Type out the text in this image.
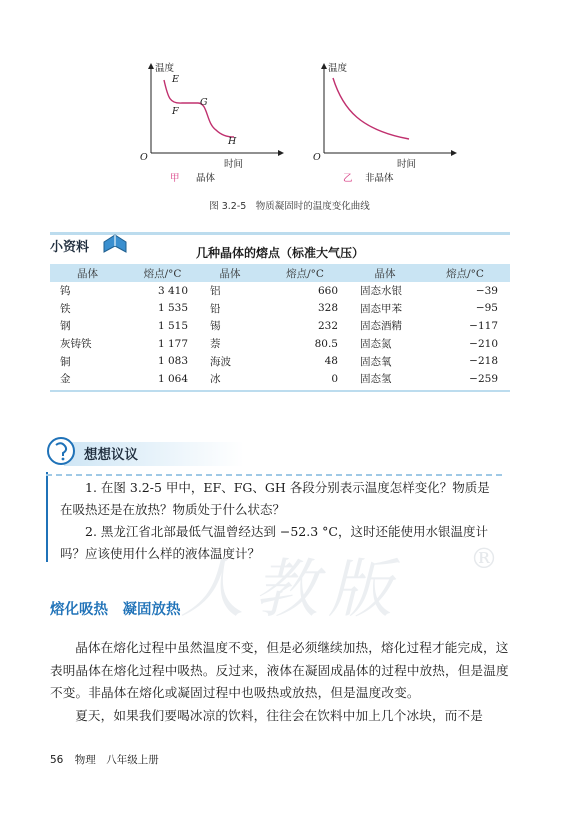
温度
时间
O
E
F
G
H
甲 晶体
温度
时间
O
乙 非晶体
图 3.2-5　物质凝固时的温度变化曲线
小资料	几种晶体的熔点（标准大气压）
晶体	熔点/°C	晶体	熔点/°C	晶体	熔点/°C
钨	3 410	铝	660	固态水银	−39
铁	1 535	铅	328	固态甲苯	−95
钢	1 515	锡	232	固态酒精	−117
灰铸铁	1 177	萘	80.5	固态氮	−210
铜	1 083	海波	48	固态氧	−218
金	1 064	冰	0	固态氢	−259
想想议议
1. 在图 3.2-5 甲中，EF、FG、GH 各段分别表示温度怎样变化？物质是在吸热还是在放热？物质处于什么状态？
2. 黑龙江省北部最低气温曾经达到 −52.3 °C，这时还能使用水银温度计吗？应该使用什么样的液体温度计？
⼈教版 ®
熔化吸热　凝固放热
晶体在熔化过程中虽然温度不变，但是必须继续加热，熔化过程才能完成，这表明晶体在熔化过程中吸热。反过来，液体在凝固成晶体的过程中放热，但是温度不变。非晶体在熔化或凝固过程中也吸热或放热，但是温度改变。
夏天，如果我们要喝冰凉的饮料，往往会在饮料中加上几个冰块，而不是
56 物理　八年级上册
